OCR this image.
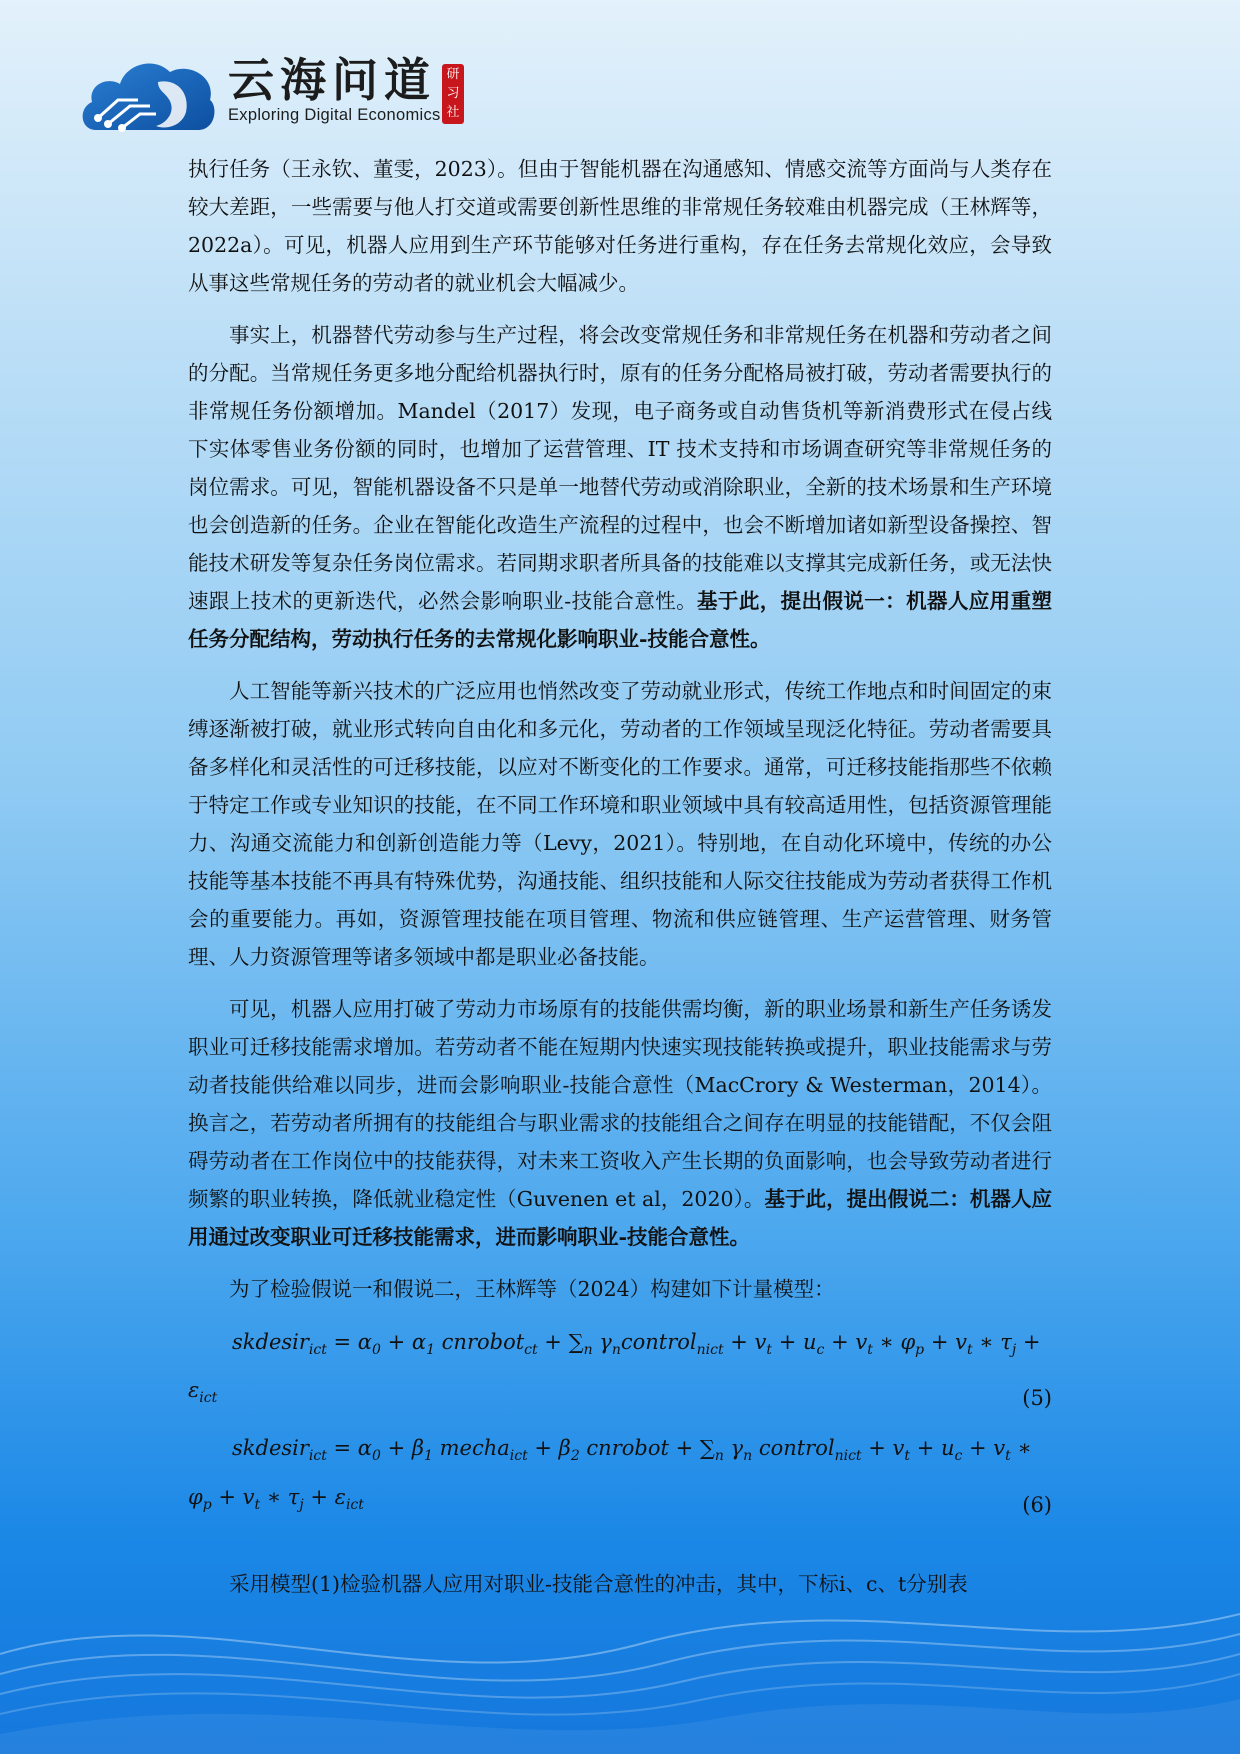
云海问道
Exploring Digital Economics
研习社

执行任务（王永钦、董雯，2023）。但由于智能机器在沟通感知、情感交流等方面尚与人类存在较大差距，一些需要与他人打交道或需要创新性思维的非常规任务较难由机器完成（王林辉等，2022a）。可见，机器人应用到生产环节能够对任务进行重构，存在任务去常规化效应，会导致从事这些常规任务的劳动者的就业机会大幅减少。

事实上，机器替代劳动参与生产过程，将会改变常规任务和非常规任务在机器和劳动者之间的分配。当常规任务更多地分配给机器执行时，原有的任务分配格局被打破，劳动者需要执行的非常规任务份额增加。Mandel（2017）发现，电子商务或自动售货机等新消费形式在侵占线下实体零售业务份额的同时，也增加了运营管理、IT 技术支持和市场调查研究等非常规任务的岗位需求。可见，智能机器设备不只是单一地替代劳动或消除职业，全新的技术场景和生产环境也会创造新的任务。企业在智能化改造生产流程的过程中，也会不断增加诸如新型设备操控、智能技术研发等复杂任务岗位需求。若同期求职者所具备的技能难以支撑其完成新任务，或无法快速跟上技术的更新迭代，必然会影响职业-技能合意性。基于此，提出假说一：机器人应用重塑任务分配结构，劳动执行任务的去常规化影响职业-技能合意性。

人工智能等新兴技术的广泛应用也悄然改变了劳动就业形式，传统工作地点和时间固定的束缚逐渐被打破，就业形式转向自由化和多元化，劳动者的工作领域呈现泛化特征。劳动者需要具备多样化和灵活性的可迁移技能，以应对不断变化的工作要求。通常，可迁移技能指那些不依赖于特定工作或专业知识的技能，在不同工作环境和职业领域中具有较高适用性，包括资源管理能力、沟通交流能力和创新创造能力等（Levy，2021）。特别地，在自动化环境中，传统的办公技能等基本技能不再具有特殊优势，沟通技能、组织技能和人际交往技能成为劳动者获得工作机会的重要能力。再如，资源管理技能在项目管理、物流和供应链管理、生产运营管理、财务管理、人力资源管理等诸多领域中都是职业必备技能。

可见，机器人应用打破了劳动力市场原有的技能供需均衡，新的职业场景和新生产任务诱发职业可迁移技能需求增加。若劳动者不能在短期内快速实现技能转换或提升，职业技能需求与劳动者技能供给难以同步，进而会影响职业-技能合意性（MacCrory & Westerman，2014）。换言之，若劳动者所拥有的技能组合与职业需求的技能组合之间存在明显的技能错配，不仅会阻碍劳动者在工作岗位中的技能获得，对未来工资收入产生长期的负面影响，也会导致劳动者进行频繁的职业转换，降低就业稳定性（Guvenen et al，2020）。基于此，提出假说二：机器人应用通过改变职业可迁移技能需求，进而影响职业-技能合意性。

为了检验假说一和假说二，王林辉等（2024）构建如下计量模型：

skdesir$_{ict}$ = $\alpha_0 + \alpha_1$ cnrobot$_{ct}$ + $\sum_n$ $\gamma_ncontrol_{nict} + v_t + u_c + v_t$ ∗ $\varphi_p + v_t$ ∗ $\tau_j$ +
$\varepsilon_{ict}$	(5)
skdesir$_{ict}$ = $\alpha_0 + \beta_1$ mecha$_{ict}$ + $\beta_2$ cnrobot + $\sum_n$ $\gamma_n$ control$_{nict}$ + $v_t + u_c + v_t$ ∗
$\varphi_p + v_t$ ∗ $\tau_j + \varepsilon_{ict}$	(6)

采用模型(1)检验机器人应用对职业-技能合意性的冲击，其中，下标i、c、t分别表
